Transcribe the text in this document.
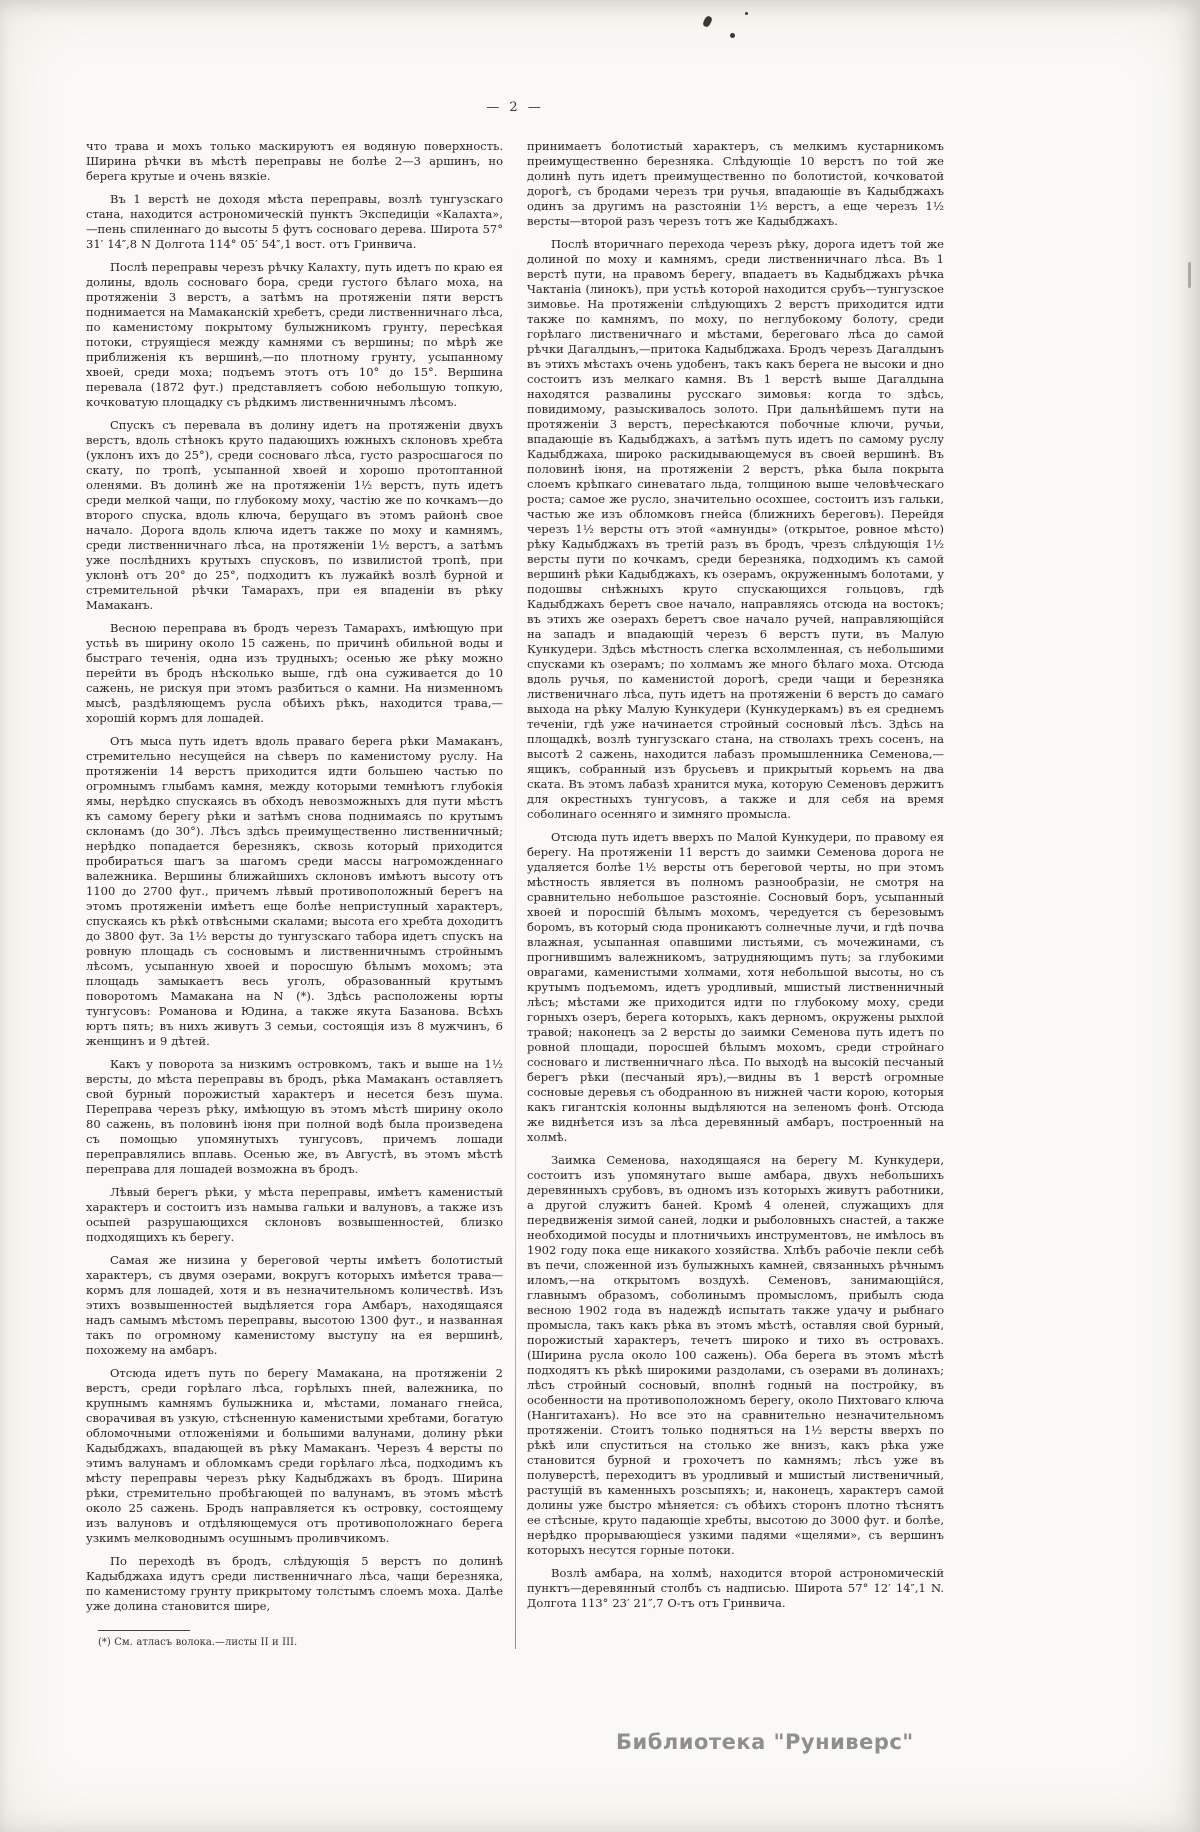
— 2 —

что трава и мохъ только маскируютъ ея водяную поверхность. Ширина рѣчки въ мѣстѣ переправы не болѣе 2—3 аршинъ, но берега крутые и очень вязкіе.

Въ 1 верстѣ не доходя мѣста переправы, возлѣ тунгузскаго стана, находится астрономическій пунктъ Экспедиціи «Калахта»,—пень спиленнаго до высоты 5 футъ сосноваго дерева. Широта 57° 31′ 14″,8 N Долгота 114° 05′ 54″,1 вост. отъ Гринвича.

Послѣ переправы черезъ рѣчку Калахту, путь идетъ по краю ея долины, вдоль сосноваго бора, среди густого бѣлаго моха, на протяженіи 3 верстъ, а затѣмъ на протяженіи пяти верстъ поднимается на Мамаканскій хребетъ, среди лиственничнаго лѣса, по каменистому покрытому булыжникомъ грунту, пересѣкая потоки, струящіеся между камнями съ вершины; по мѣрѣ же приближенія къ вершинѣ,—по плотному грунту, усыпанному хвоей, среди моха; подъемъ этотъ отъ 10° до 15°. Вершина перевала (1872 фут.) представляетъ собою небольшую топкую, кочковатую площадку съ рѣдкимъ лиственничнымъ лѣсомъ.

Спускъ съ перевала въ долину идетъ на протяженіи двухъ верстъ, вдоль стѣнокъ круто падающихъ южныхъ склоновъ хребта (уклонъ ихъ до 25°), среди сосноваго лѣса, густо разросшагося по скату, по тропѣ, усыпанной хвоей и хорошо протоптанной оленями. Въ долинѣ же на протяженіи 1½ верстъ, путь идетъ среди мелкой чащи, по глубокому моху, частію же по кочкамъ—до второго спуска, вдоль ключа, берущаго въ этомъ районѣ свое начало. Дорога вдоль ключа идетъ также по моху и камнямъ, среди лиственничнаго лѣса, на протяженіи 1½ верстъ, а затѣмъ уже послѣднихъ крутыхъ спусковъ, по извилистой тропѣ, при уклонѣ отъ 20° до 25°, подходитъ къ лужайкѣ возлѣ бурной и стремительной рѣчки Тамарахъ, при ея впаденіи въ рѣку Мамаканъ.

Весною переправа въ бродъ черезъ Тамарахъ, имѣющую при устьѣ въ ширину около 15 сажень, по причинѣ обильной воды и быстраго теченія, одна изъ трудныхъ; осенью же рѣку можно перейти въ бродъ нѣсколько выше, гдѣ она суживается до 10 сажень, не рискуя при этомъ разбиться о камни. На низменномъ мысѣ, раздѣляющемъ русла обѣихъ рѣкъ, находится трава,—хорошій кормъ для лошадей.

Отъ мыса путь идетъ вдоль праваго берега рѣки Мамаканъ, стремительно несущейся на сѣверъ по каменистому руслу. На протяженіи 14 верстъ приходится идти большею частью по огромнымъ глыбамъ камня, между которыми темнѣютъ глубокія ямы, нерѣдко спускаясь въ обходъ невозможныхъ для пути мѣстъ къ самому берегу рѣки и затѣмъ снова поднимаясь по крутымъ склонамъ (до 30°). Лѣсъ здѣсь преимущественно лиственничный; нерѣдко попадается березнякъ, сквозь который приходится пробираться шагъ за шагомъ среди массы нагроможденнаго валежника. Вершины ближайшихъ склоновъ имѣютъ высоту отъ 1100 до 2700 фут., причемъ лѣвый противоположный берегъ на этомъ протяженіи имѣетъ еще болѣе неприступный характеръ, спускаясь къ рѣкѣ отвѣсными скалами; высота его хребта доходитъ до 3800 фут. За 1½ версты до тунгузскаго табора идетъ спускъ на ровную площадь съ сосновымъ и лиственничнымъ стройнымъ лѣсомъ, усыпанную хвоей и поросшую бѣлымъ мохомъ; эта площадь замыкаетъ весь уголъ, образованный крутымъ поворотомъ Мамакана на N (*). Здѣсь расположены юрты тунгусовъ: Романова и Юдина, а также якута Базанова. Всѣхъ юртъ пять; въ нихъ живутъ 3 семьи, состоящія изъ 8 мужчинъ, 6 женщинъ и 9 дѣтей.

Какъ у поворота за низкимъ островкомъ, такъ и выше на 1½ версты, до мѣста переправы въ бродъ, рѣка Мамаканъ оставляетъ свой бурный порожистый характеръ и несется безъ шума. Переправа черезъ рѣку, имѣющую въ этомъ мѣстѣ ширину около 80 сажень, въ половинѣ іюня при полной водѣ была произведена съ помощью упомянутыхъ тунгусовъ, причемъ лошади переправлялись вплавь. Осенью же, въ Августѣ, въ этомъ мѣстѣ переправа для лошадей возможна въ бродъ.

Лѣвый берегъ рѣки, у мѣста переправы, имѣетъ каменистый характеръ и состоитъ изъ намыва гальки и валуновъ, а также изъ осыпей разрушающихся склоновъ возвышенностей, близко подходящихъ къ берегу.

Самая же низина у береговой черты имѣетъ болотистый характеръ, съ двумя озерами, вокругъ которыхъ имѣется трава—кормъ для лошадей, хотя и въ незначительномъ количествѣ. Изъ этихъ возвышенностей выдѣляется гора Амбаръ, находящаяся надъ самымъ мѣстомъ переправы, высотою 1300 фут., и названная такъ по огромному каменистому выступу на ея вершинѣ, похожему на амбаръ.

Отсюда идетъ путь по берегу Мамакана, на протяженіи 2 верстъ, среди горѣлаго лѣса, горѣлыхъ пней, валежника, по крупнымъ камнямъ булыжника и, мѣстами, ломанаго гнейса, сворачивая въ узкую, стѣсненную каменистыми хребтами, богатую обломочными отложеніями и большими валунами, долину рѣки Кадыбджахъ, впадающей въ рѣку Мамаканъ. Черезъ 4 версты по этимъ валунамъ и обломкамъ среди горѣлаго лѣса, подходимъ къ мѣсту переправы черезъ рѣку Кадыбджахъ въ бродъ. Ширина рѣки, стремительно пробѣгающей по валунамъ, въ этомъ мѣстѣ около 25 сажень. Бродъ направляется къ островку, состоящему изъ валуновъ и отдѣляющемуся отъ противоположнаго берега узкимъ мелководнымъ осушнымъ проливчикомъ.

По переходѣ въ бродъ, слѣдующія 5 верстъ по долинѣ Кадыбджаха идутъ среди лиственничнаго лѣса, чащи березняка, по каменистому грунту прикрытому толстымъ слоемъ моха. Далѣе уже долина становится шире,

(*) См. атласъ волока.—листы II и III.

принимаетъ болотистый характеръ, съ мелкимъ кустарникомъ преимущественно березняка. Слѣдующіе 10 верстъ по той же долинѣ путь идетъ преимущественно по болотистой, кочковатой дорогѣ, съ бродами черезъ три ручья, впадающіе въ Кадыбджахъ одинъ за другимъ на разстояніи 1½ верстъ, а еще черезъ 1½ версты—второй разъ черезъ тотъ же Кадыбджахъ.

Послѣ вторичнаго перехода черезъ рѣку, дорога идетъ той же долиной по моху и камнямъ, среди лиственничнаго лѣса. Въ 1 верстѣ пути, на правомъ берегу, впадаетъ въ Кадыбджахъ рѣчка Чактаніа (линокъ), при устьѣ которой находится срубъ—тунгузское зимовье. На протяженіи слѣдующихъ 2 верстъ приходится идти также по камнямъ, по моху, по неглубокому болоту, среди горѣлаго лиственичнаго и мѣстами, береговаго лѣса до самой рѣчки Дагалдынъ,—притока Кадыбджаха. Бродъ черезъ Дагалдынъ въ этихъ мѣстахъ очень удобенъ, такъ какъ берега не высоки и дно состоитъ изъ мелкаго камня. Въ 1 верстѣ выше Дагалдына находятся развалины русскаго зимовья: когда то здѣсь, повидимому, разыскивалось золото. При дальнѣйшемъ пути на протяженіи 3 верстъ, пересѣкаются побочные ключи, ручьи, впадающіе въ Кадыбджахъ, а затѣмъ путь идетъ по самому руслу Кадыбджаха, широко раскидывающемуся въ своей вершинѣ. Въ половинѣ іюня, на протяженіи 2 верстъ, рѣка была покрыта слоемъ крѣпкаго синеватаго льда, толщиною выше человѣческаго роста; самое же русло, значительно осохшее, состоитъ изъ гальки, частью же изъ обломковъ гнейса (ближнихъ береговъ). Перейдя черезъ 1½ версты отъ этой «амнунды» (открытое, ровное мѣсто) рѣку Кадыбджахъ въ третій разъ въ бродъ, чрезъ слѣдующія 1½ версты пути по кочкамъ, среди березняка, подходимъ къ самой вершинѣ рѣки Кадыбджахъ, къ озерамъ, окруженнымъ болотами, у подошвы снѣжныхъ круто спускающихся гольцовъ, гдѣ Кадыбджахъ беретъ свое начало, направляясь отсюда на востокъ; въ этихъ же озерахъ беретъ свое начало ручей, направляющійся на западъ и впадающій черезъ 6 верстъ пути, въ Малую Кункудери. Здѣсь мѣстность слегка всхолмленная, съ небольшими спусками къ озерамъ; по холмамъ же много бѣлаго моха. Отсюда вдоль ручья, по каменистой дорогѣ, среди чащи и березняка лиственичнаго лѣса, путь идетъ на протяженіи 6 верстъ до самаго выхода на рѣку Малую Кункудери (Кункудеркамъ) въ ея среднемъ теченіи, гдѣ уже начинается стройный сосновый лѣсъ. Здѣсь на площадкѣ, возлѣ тунгузскаго стана, на стволахъ трехъ сосенъ, на высотѣ 2 сажень, находится лабазъ промышленника Семенова,—ящикъ, собранный изъ брусьевъ и прикрытый корьемъ на два ската. Въ этомъ лабазѣ хранится мука, которую Семеновъ держитъ для окрестныхъ тунгусовъ, а также и для себя на время соболинаго осенняго и зимняго промысла.

Отсюда путь идетъ вверхъ по Малой Кункудери, по правому ея берегу. На протяженіи 11 верстъ до заимки Семенова дорога не удаляется болѣе 1½ версты отъ береговой черты, но при этомъ мѣстность является въ полномъ разнообразіи, не смотря на сравнительно небольшое разстояніе. Сосновый боръ, усыпанный хвоей и поросшій бѣлымъ мохомъ, чередуется съ березовымъ боромъ, въ который сюда проникаютъ солнечные лучи, и гдѣ почва влажная, усыпанная опавшими листьями, съ мочежинами, съ прогнившимъ валежникомъ, затрудняющимъ путь; за глубокими оврагами, каменистыми холмами, хотя небольшой высоты, но съ крутымъ подъемомъ, идетъ уродливый, мшистый лиственничный лѣсъ; мѣстами же приходится идти по глубокому моху, среди горныхъ озеръ, берега которыхъ, какъ дерномъ, окружены рыхлой травой; наконецъ за 2 версты до заимки Семенова путь идетъ по ровной площади, поросшей бѣлымъ мохомъ, среди стройнаго сосноваго и лиственничнаго лѣса. По выходѣ на высокій песчаный берегъ рѣки (песчаный яръ),—видны въ 1 верстѣ огромные сосновые деревья съ ободранною въ нижней части корою, которыя какъ гигантскія колонны выдѣляются на зеленомъ фонѣ. Отсюда же виднѣется изъ за лѣса деревянный амбаръ, построенный на холмѣ.

Заимка Семенова, находящаяся на берегу М. Кункудери, состоитъ изъ упомянутаго выше амбара, двухъ небольшихъ деревянныхъ срубовъ, въ одномъ изъ которыхъ живутъ работники, а другой служитъ баней. Кромѣ 4 оленей, служащихъ для передвиженія зимой саней, лодки и рыболовныхъ снастей, а также необходимой посуды и плотничьихъ инструментовъ, не имѣлось въ 1902 году пока еще никакого хозяйства. Хлѣбъ рабочіе пекли себѣ въ печи, сложенной изъ булыжныхъ камней, связанныхъ рѣчнымъ иломъ,—на открытомъ воздухѣ. Семеновъ, занимающійся, главнымъ образомъ, соболинымъ промысломъ, прибылъ сюда весною 1902 года въ надеждѣ испытать также удачу и рыбнаго промысла, такъ какъ рѣка въ этомъ мѣстѣ, оставляя свой бурный, порожистый характеръ, течетъ широко и тихо въ островахъ. (Ширина русла около 100 сажень). Оба берега въ этомъ мѣстѣ подходятъ къ рѣкѣ широкими раздолами, съ озерами въ долинахъ; лѣсъ стройный сосновый, вполнѣ годный на постройку, въ особенности на противоположномъ берегу, около Пихтоваго ключа (Нангитаханъ). Но все это на сравнительно незначительномъ протяженіи. Стоитъ только подняться на 1½ версты вверхъ по рѣкѣ или спуститься на столько же внизъ, какъ рѣка уже становится бурной и грохочетъ по камнямъ; лѣсъ уже въ полуверстѣ, переходитъ въ уродливый и мшистый лиственичный, растущій въ каменныхъ розсыпяхъ; и, наконецъ, характеръ самой долины уже быстро мѣняется: съ обѣихъ сторонъ плотно тѣснятъ ее стѣсные, круто падающіе хребты, высотою до 3000 фут. и болѣе, нерѣдко прорывающіеся узкими падями «щелями», съ вершинъ которыхъ несутся горные потоки.

Возлѣ амбара, на холмѣ, находится второй астрономическій пунктъ—деревянный столбъ съ надписью. Широта 57° 12′ 14″,1 N. Долгота 113° 23′ 21″,7 О-тъ отъ Гринвича.

Библиотека "Руниверс"
